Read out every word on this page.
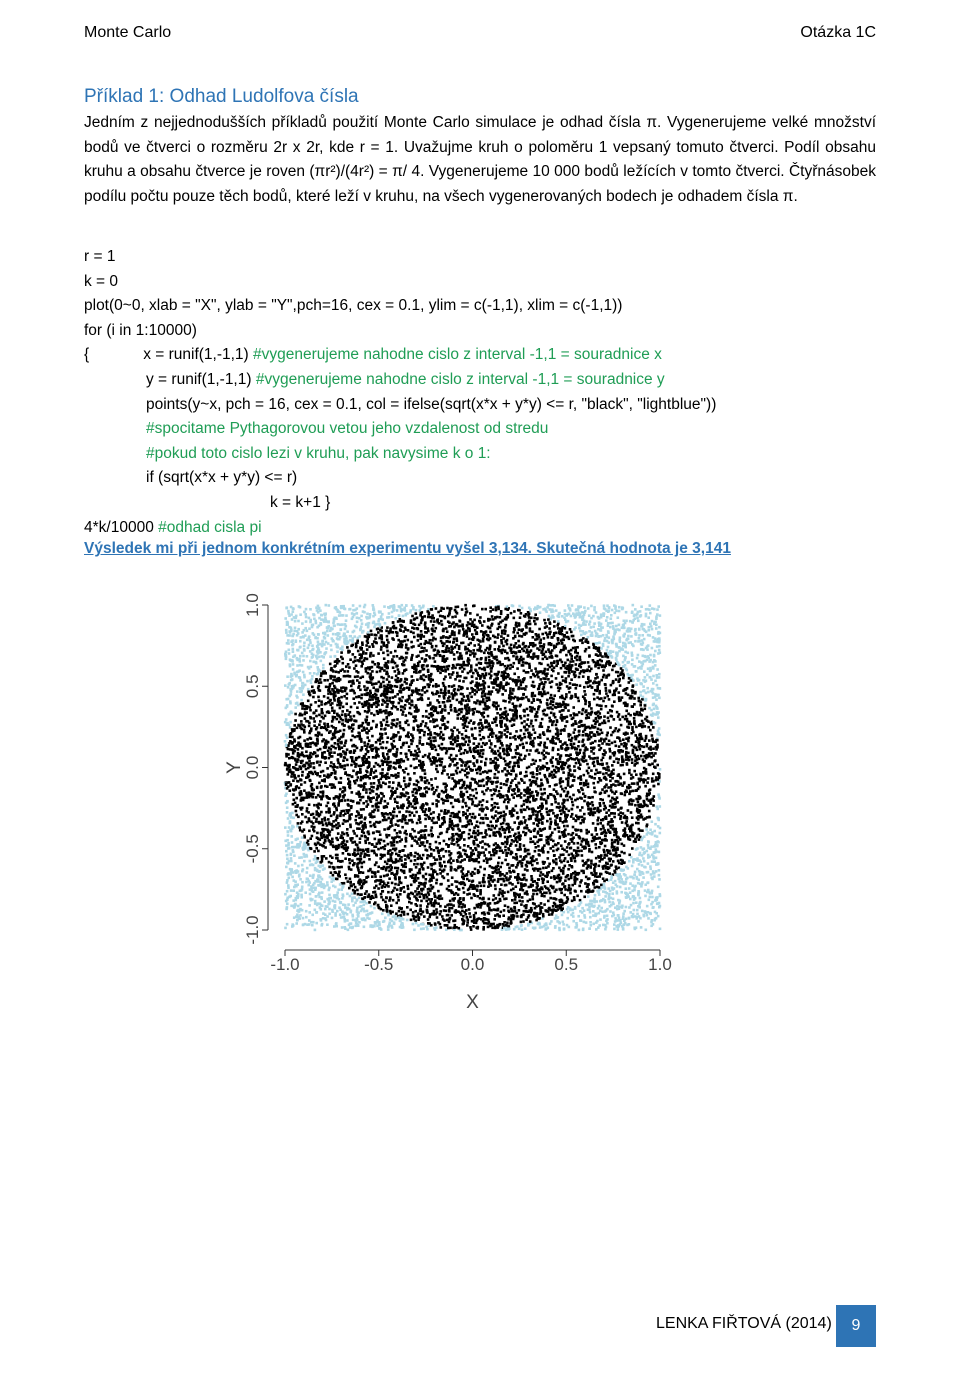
Monte Carlo	Otázka 1C
Příklad 1: Odhad Ludolfova čísla

Jedním z nejjednodušších příkladů použití Monte Carlo simulace je odhad čísla π. Vygenerujeme velké množství bodů ve čtverci o rozměru 2r x 2r, kde r = 1. Uvažujme kruh o poloměru 1 vepsaný tomuto čtverci. Podíl obsahu kruhu a obsahu čtverce je roven (πr²)/(4r²) = π/ 4. Vygenerujeme 10 000 bodů ležících v tomto čtverci. Čtyřnásobek podílu počtu pouze těch bodů, které leží v kruhu, na všech vygenerovaných bodech je odhadem čísla π.

r = 1
k = 0
plot(0~0, xlab = "X", ylab = "Y",pch=16, cex = 0.1, ylim = c(-1,1), xlim = c(-1,1))
for (i in 1:10000)
{	x = runif(1,-1,1) #vygenerujeme nahodne cislo z interval -1,1 = souradnice x
y = runif(1,-1,1) #vygenerujeme nahodne cislo z interval -1,1 = souradnice y
points(y~x, pch = 16, cex = 0.1, col = ifelse(sqrt(x*x + y*y) <= r, "black", "lightblue"))
#spocitame Pythagorovou vetou jeho vzdalenost od stredu
#pokud toto cislo lezi v kruhu, pak navysime k o 1:
if (sqrt(x*x + y*y) <= r)
k = k+1 }
4*k/10000 #odhad cisla pi
Výsledek mi při jednom konkrétním experimentu vyšel 3,134. Skutečná hodnota je 3,141
-1.0
-1.0
-0.5
-0.5
0.0
0.0
0.5
0.5
1.0
1.0
X
Y
LENKA FIŘTOVÁ (2014)	9
